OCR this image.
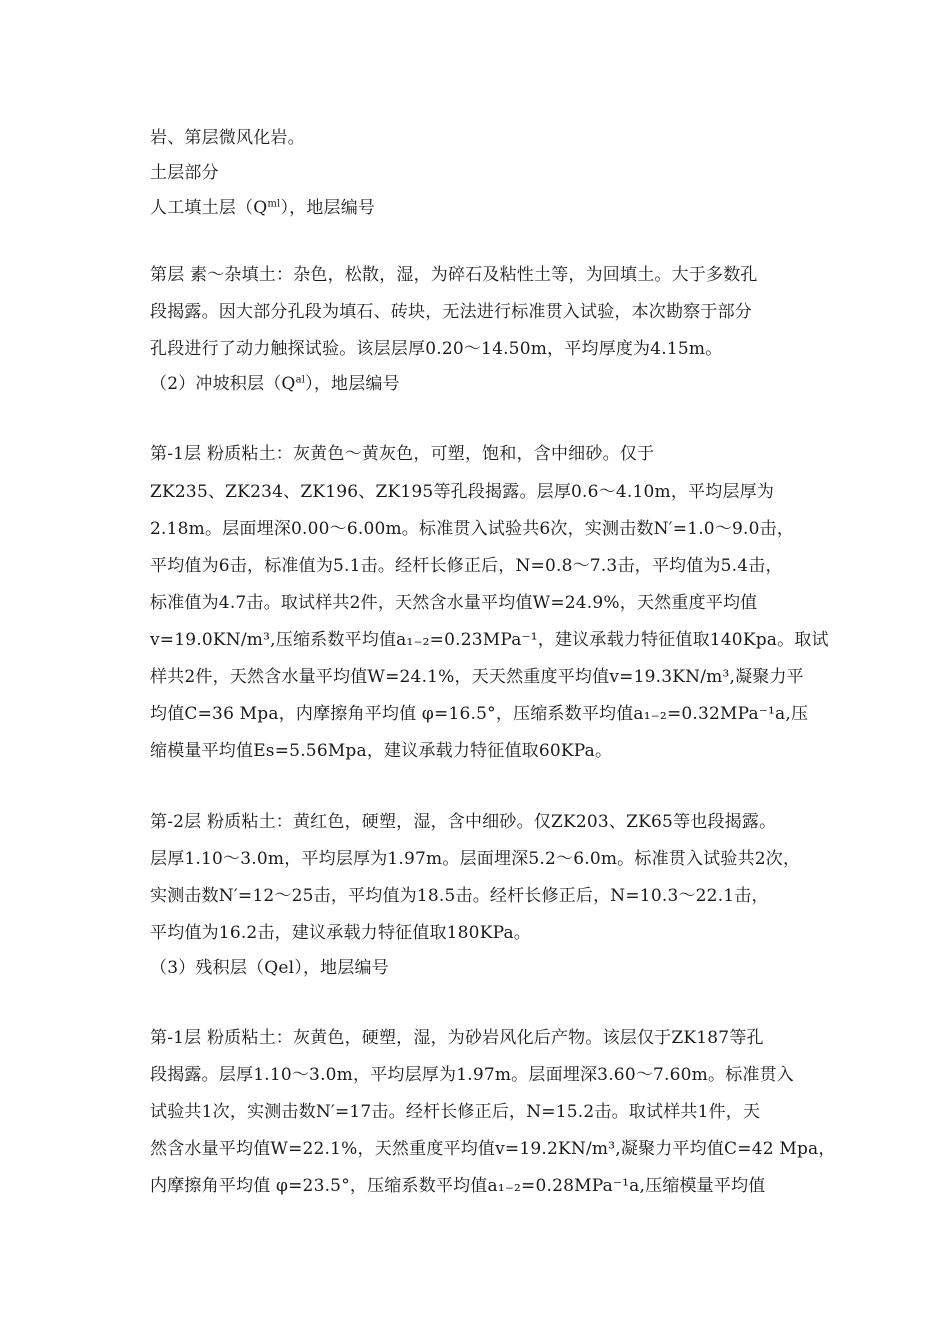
岩、第层微风化岩。
土层部分
人工填土层$(Q^{ml})$，地层编号
第层 素～杂填土：杂色，松散，湿，为碎石及粘性土等，为回填土。大于多数孔
段揭露。因大部分孔段为填石、砖块，无法进行标准贯入试验，本次勘察于部分
孔段进行了动力触探试验。该层层厚0.20～14.50m，平均厚度为4.15m。
（2）冲坡积层$(Q^{al})$，地层编号
第-1层 粉质粘土：灰黄色～黄灰色，可塑，饱和，含中细砂。仅于
ZK235、ZK234、ZK196、ZK195等孔段揭露。层厚0.6～4.10m，平均层厚为
2.18m。层面埋深0.00～6.00m。标准贯入试验共6次，实测击数N′=1.0～9.0击，
平均值为6击，标准值为5.1击。经杆长修正后，N=0.8～7.3击，平均值为5.4击，
标准值为4.7击。取试样共2件，天然含水量平均值W=24.9%，天然重度平均值
v=19.0KN/m³,压缩系数平均值a₁₋₂=0.23MPa⁻¹，建议承载力特征值取140Kpa。取试
样共2件，天然含水量平均值W=24.1%，天天然重度平均值v=19.3KN/m³,凝聚力平
均值C=36 Mpa，内摩擦角平均值 φ=16.5°，压缩系数平均值a₁₋₂=0.32MPa⁻¹a,压
缩模量平均值Es=5.56Mpa，建议承载力特征值取60KPa。
第-2层 粉质粘土：黄红色，硬塑，湿，含中细砂。仅ZK203、ZK65等也段揭露。
层厚1.10～3.0m，平均层厚为1.97m。层面埋深5.2～6.0m。标准贯入试验共2次，
实测击数N′=12～25击，平均值为18.5击。经杆长修正后，N=10.3～22.1击，
平均值为16.2击，建议承载力特征值取180KPa。
（3）残积层（Qel），地层编号
第-1层 粉质粘土：灰黄色，硬塑，湿，为砂岩风化后产物。该层仅于ZK187等孔
段揭露。层厚1.10～3.0m，平均层厚为1.97m。层面埋深3.60～7.60m。标准贯入
试验共1次，实测击数N′=17击。经杆长修正后，N=15.2击。取试样共1件，天
然含水量平均值W=22.1%，天然重度平均值v=19.2KN/m³,凝聚力平均值C=42 Mpa，
内摩擦角平均值 φ=23.5°，压缩系数平均值a₁₋₂=0.28MPa⁻¹a,压缩模量平均值
